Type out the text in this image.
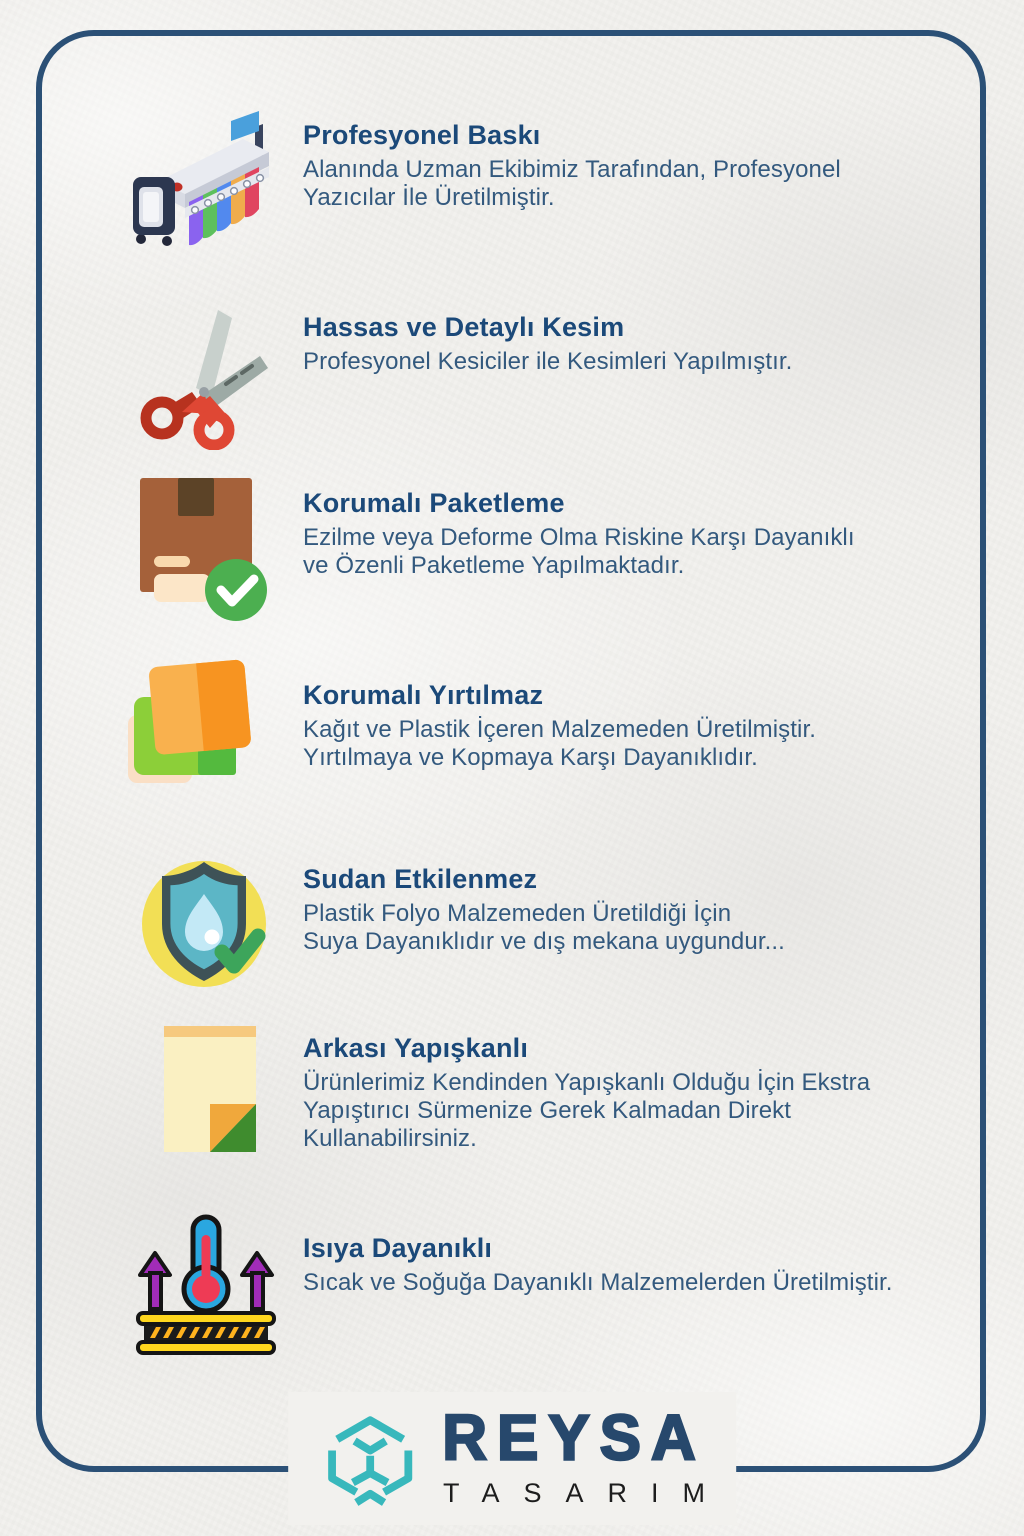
Profesyonel Baskı
Alanında Uzman Ekibimiz Tarafından, Profesyonel
Yazıcılar İle Üretilmiştir.
Hassas ve Detaylı Kesim
Profesyonel Kesiciler ile Kesimleri Yapılmıştır.
Korumalı Paketleme
Ezilme veya Deforme Olma Riskine Karşı Dayanıklı
ve Özenli Paketleme Yapılmaktadır.
Korumalı Yırtılmaz
Kağıt ve Plastik İçeren Malzemeden Üretilmiştir.
Yırtılmaya ve Kopmaya Karşı Dayanıklıdır.
Sudan Etkilenmez
Plastik Folyo Malzemeden Üretildiği İçin
Suya Dayanıklıdır ve dış mekana uygundur...
Arkası Yapışkanlı
Ürünlerimiz Kendinden Yapışkanlı Olduğu İçin Ekstra
Yapıştırıcı Sürmenize Gerek Kalmadan Direkt
Kullanabilirsiniz.
Isıya Dayanıklı
Sıcak ve Soğuğa Dayanıklı Malzemelerden Üretilmiştir.
REYSA
TASARIM
